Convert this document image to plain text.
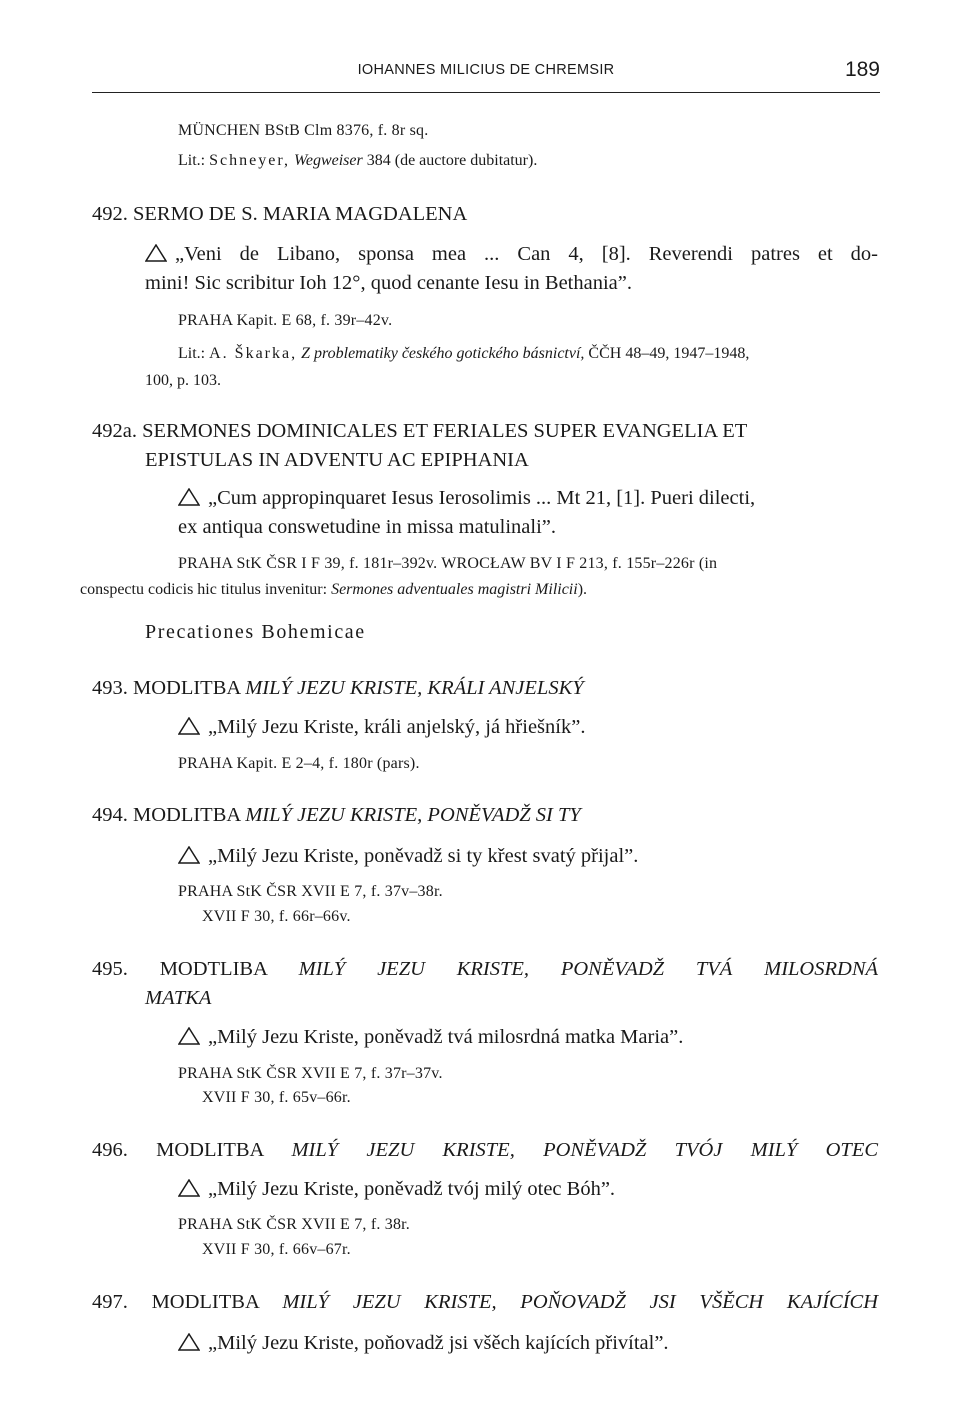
IOHANNES MILICIUS DE CHREMSIR	189
MÜNCHEN BStB Clm 8376, f. 8r sq.
Lit.: Schneyer, Wegweiser 384 (de auctore dubitatur).
492. SERMO DE S. MARIA MAGDALENA
„Veni de Libano, sponsa mea ... Can 4, [8]. Reverendi patres et do-
mini! Sic scribitur Ioh 12°, quod cenante Iesu in Bethania”.
PRAHA Kapit. E 68, f. 39r–42v.
Lit.: A. Škarka, Z problematiky českého gotického básnictví, ČČH 48–49, 1947–1948,
100, p. 103.
492a. SERMONES DOMINICALES ET FERIALES SUPER EVANGELIA ET
EPISTULAS IN ADVENTU AC EPIPHANIA
„Cum appropinquaret Iesus Ierosolimis ... Mt 21, [1]. Pueri dilecti,
ex antiqua conswetudine in missa matulinali”.
PRAHA StK ČSR I F 39, f. 181r–392v. WROCŁAW BV I F 213, f. 155r–226r (in
conspectu codicis hic titulus invenitur: Sermones adventuales magistri Milicii).
Precationes Bohemicae
493. MODLITBA MILÝ JEZU KRISTE, KRÁLI ANJELSKÝ
„Milý Jezu Kriste, králi anjelský, já hřiešník”.
PRAHA Kapit. E 2–4, f. 180r (pars).
494. MODLITBA MILÝ JEZU KRISTE, PONĚVADŽ SI TY
„Milý Jezu Kriste, poněvadž si ty křest svatý přijal”.
PRAHA StK ČSR XVII E 7, f. 37v–38r.
XVII F 30, f. 66r–66v.
495. MODTLIBA MILÝ JEZU KRISTE, PONĚVADŽ TVÁ MILOSRDNÁ
MATKA
„Milý Jezu Kriste, poněvadž tvá milosrdná matka Maria”.
PRAHA StK ČSR XVII E 7, f. 37r–37v.
XVII F 30, f. 65v–66r.
496. MODLITBA MILÝ JEZU KRISTE, PONĚVADŽ TVÓJ MILÝ OTEC
„Milý Jezu Kriste, poněvadž tvój milý otec Bóh”.
PRAHA StK ČSR XVII E 7, f. 38r.
XVII F 30, f. 66v–67r.
497. MODLITBA MILÝ JEZU KRISTE, POŇOVADŽ JSI VŠĚCH KAJÍCÍCH
„Milý Jezu Kriste, poňovadž jsi všěch kajících přivítal”.
